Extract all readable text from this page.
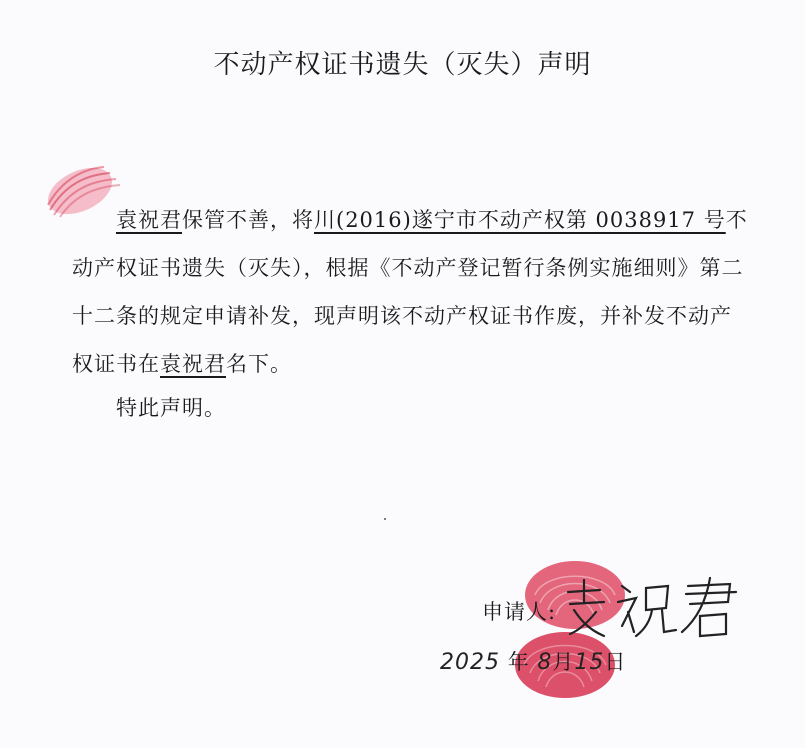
不动产权证书遗失（灭失）声明

袁祝君保管不善，将川(2016)遂宁市不动产权第 0038917 号不动产权证书遗失（灭失），根据《不动产登记暂行条例实施细则》第二十二条的规定申请补发，现声明该不动产权证书作废，并补发不动产权证书在袁祝君名下。

特此声明。
申请人:
2025 年 8月15日
